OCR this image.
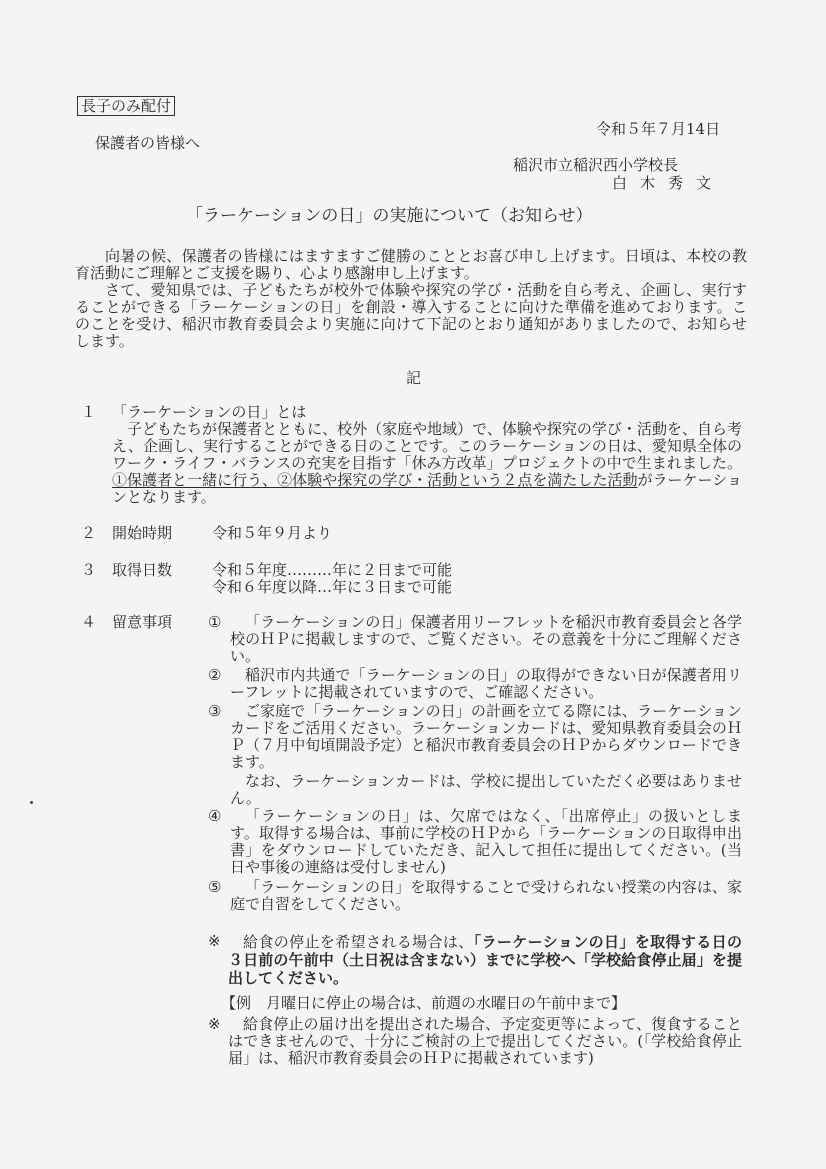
長子のみ配付
令和５年７月14日
保護者の皆様へ
稲沢市立稲沢西小学校長
白木秀文
「ラーケーションの日」の実施について（お知らせ）
向暑の候、保護者の皆様にはますますご健勝のこととお喜び申し上げます。日頃は、本校の教育活動にご理解とご支援を賜り、心より感謝申し上げます。
さて、愛知県では、子どもたちが校外で体験や探究の学び・活動を自ら考え、企画し、実行することができる「ラーケーションの日」を創設・導入することに向けた準備を進めております。このことを受け、稲沢市教育委員会より実施に向けて下記のとおり通知がありましたので、お知らせします。
記
１ 「ラーケーションの日」とは
子どもたちが保護者とともに、校外（家庭や地域）で、体験や探究の学び・活動を、自ら考え、企画し、実行することができる日のことです。このラーケーションの日は、愛知県全体のワーク・ライフ・バランスの充実を目指す「休み方改革」プロジェクトの中で生まれました。①保護者と一緒に行う、②体験や探究の学び・活動という２点を満たした活動がラーケーションとなります。
２ 開始時期	令和５年９月より
３ 取得日数	令和５年度………年に２日まで可能
令和６年度以降…年に３日まで可能
４ 留意事項 ①	「ラーケーションの日」保護者用リーフレットを稲沢市教育委員会と各学校のＨＰに掲載しますので、ご覧ください。その意義を十分にご理解ください。
②	稲沢市内共通で「ラーケーションの日」の取得ができない日が保護者用リーフレットに掲載されていますので、ご確認ください。
③	ご家庭で「ラーケーションの日」の計画を立てる際には、ラーケーションカードをご活用ください。ラーケーションカードは、愛知県教育委員会のＨＰ（７月中旬頃開設予定）と稲沢市教育委員会のＨＰからダウンロードできます。
なお、ラーケーションカードは、学校に提出していただく必要はありません。
④	「ラーケーションの日」は、欠席ではなく、「出席停止」の扱いとします。取得する場合は、事前に学校のＨＰから「ラーケーションの日取得申出書」をダウンロードしていただき、記入して担任に提出してください。(当日や事後の連絡は受付しません)
⑤	「ラーケーションの日」を取得することで受けられない授業の内容は、家庭で自習をしてください。
※	給食の停止を希望される場合は、「ラーケーションの日」を取得する日の３日前の午前中（土日祝は含まない）までに学校へ「学校給食停止届」を提出してください。
【例　月曜日に停止の場合は、前週の水曜日の午前中まで】
※	給食停止の届け出を提出された場合、予定変更等によって、復食することはできませんので、十分にご検討の上で提出してください。(「学校給食停止届」は、稲沢市教育委員会のＨＰに掲載されています)
